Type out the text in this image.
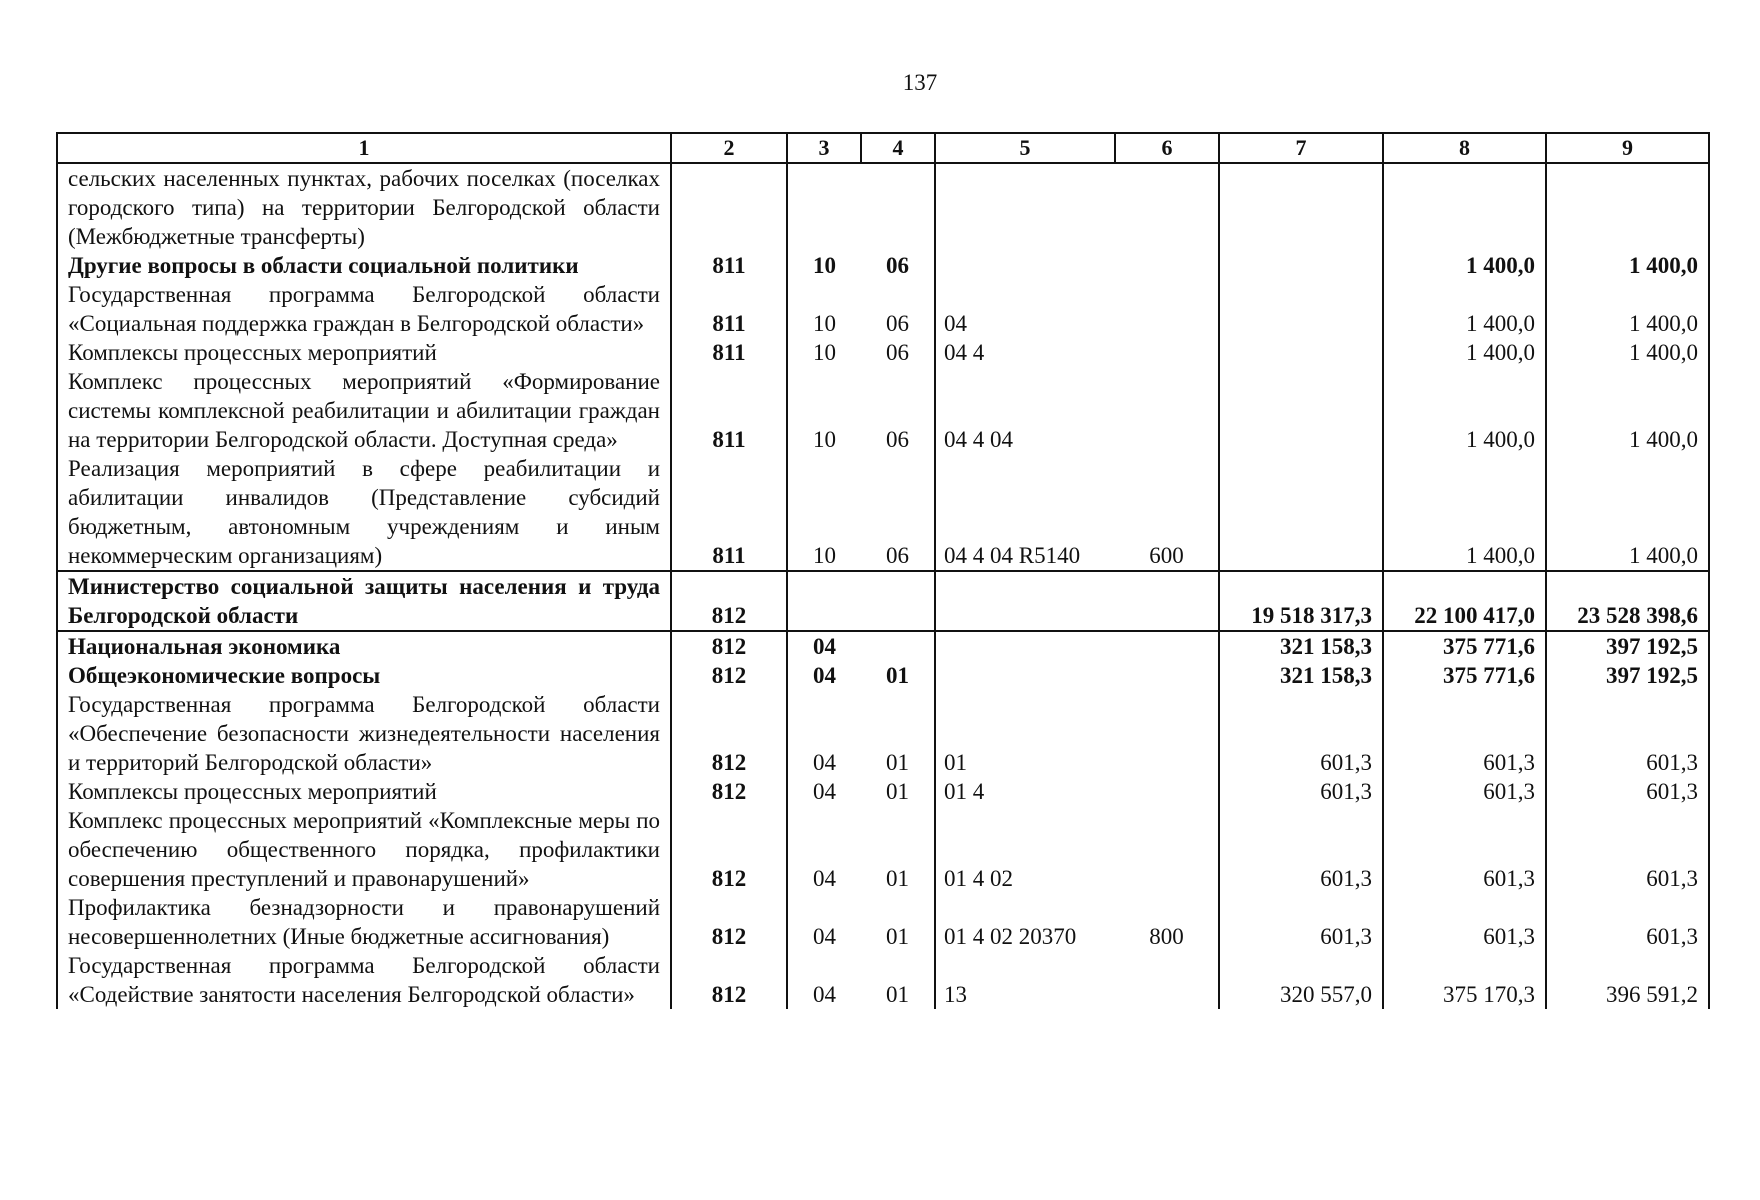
137
1	2	3	4	5	6	7	8	9
сельских населенных пунктах, рабочих поселках (поселках городского типа) на территории Белгородской области (Межбюджетные трансферты)								
Другие вопросы в области социальной политики	811	10	06				1 400,0	1 400,0
Государственная программа Белгородской области «Социальная поддержка граждан в Белгородской области»	811	10	06	04			1 400,0	1 400,0
Комплексы процессных мероприятий	811	10	06	04 4			1 400,0	1 400,0
Комплекс процессных мероприятий «Формирование системы комплексной реабилитации и абилитации граждан на территории Белгородской области. Доступная среда»	811	10	06	04 4 04			1 400,0	1 400,0
Реализация мероприятий в сфере реабилитации и абилитации инвалидов (Представление субсидий бюджетным, автономным учреждениям и иным некоммерческим организациям)	811	10	06	04 4 04 R5140	600		1 400,0	1 400,0
Министерство социальной защиты населения и труда Белгородской области	812					19 518 317,3	22 100 417,0	23 528 398,6
Национальная экономика	812	04				321 158,3	375 771,6	397 192,5
Общеэкономические вопросы	812	04	01			321 158,3	375 771,6	397 192,5
Государственная программа Белгородской области «Обеспечение безопасности жизнедеятельности населения и территорий Белгородской области»	812	04	01	01		601,3	601,3	601,3
Комплексы процессных мероприятий	812	04	01	01 4		601,3	601,3	601,3
Комплекс процессных мероприятий «Комплексные меры по обеспечению общественного порядка, профилактики совершения преступлений и правонарушений»	812	04	01	01 4 02		601,3	601,3	601,3
Профилактика безнадзорности и правонарушений несовершеннолетних (Иные бюджетные ассигнования)	812	04	01	01 4 02 20370	800	601,3	601,3	601,3
Государственная программа Белгородской области «Содействие занятости населения Белгородской области»	812	04	01	13		320 557,0	375 170,3	396 591,2
